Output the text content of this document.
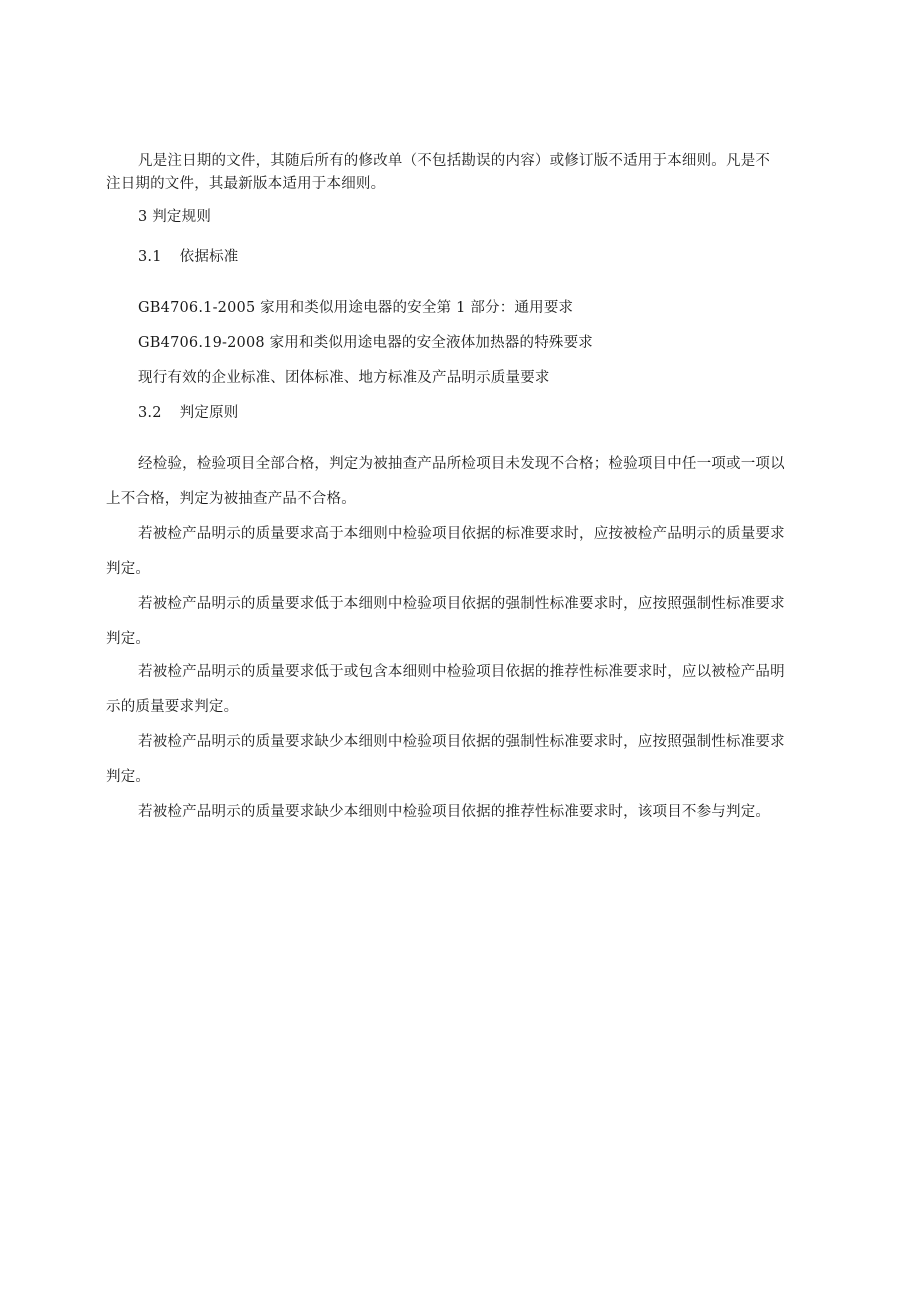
凡是注日期的文件，其随后所有的修改单（不包括勘误的内容）或修订版不适用于本细则。凡是不
注日期的文件，其最新版本适用于本细则。
3 判定规则
3.1 依据标准
GB4706.1-2005 家用和类似用途电器的安全第 1 部分：通用要求
GB4706.19-2008 家用和类似用途电器的安全液体加热器的特殊要求
现行有效的企业标准、团体标准、地方标准及产品明示质量要求
3.2 判定原则
经检验，检验项目全部合格，判定为被抽查产品所检项目未发现不合格；检验项目中任一项或一项以
上不合格，判定为被抽查产品不合格。
若被检产品明示的质量要求高于本细则中检验项目依据的标准要求时，应按被检产品明示的质量要求
判定。
若被检产品明示的质量要求低于本细则中检验项目依据的强制性标准要求时，应按照强制性标准要求
判定。
若被检产品明示的质量要求低于或包含本细则中检验项目依据的推荐性标准要求时，应以被检产品明
示的质量要求判定。
若被检产品明示的质量要求缺少本细则中检验项目依据的强制性标准要求时，应按照强制性标准要求
判定。
若被检产品明示的质量要求缺少本细则中检验项目依据的推荐性标准要求时，该项目不参与判定。
